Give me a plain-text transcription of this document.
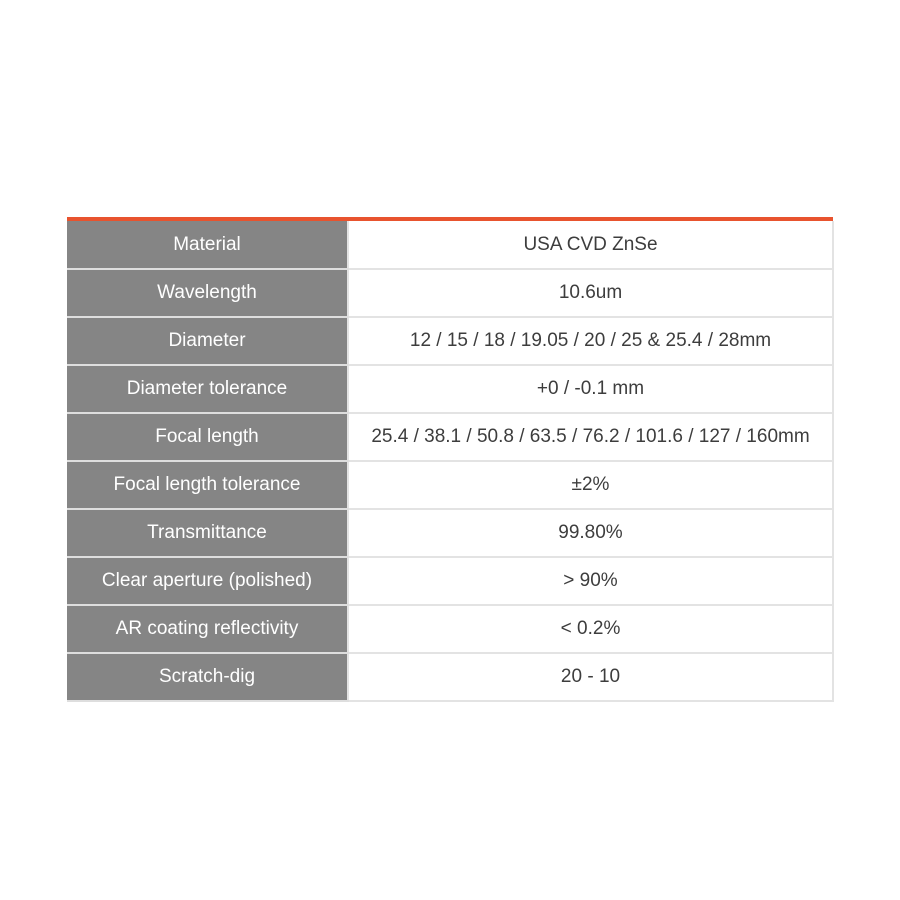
Material	USA CVD ZnSe
Wavelength	10.6um
Diameter	12 / 15 / 18 / 19.05 / 20 / 25 & 25.4 / 28mm
Diameter tolerance	+0 / -0.1 mm
Focal length	25.4 / 38.1 / 50.8 / 63.5 / 76.2 / 101.6 / 127 / 160mm
Focal length tolerance	±2%
Transmittance	99.80%
Clear aperture (polished)	> 90%
AR coating reflectivity	< 0.2%
Scratch-dig	20 - 10
